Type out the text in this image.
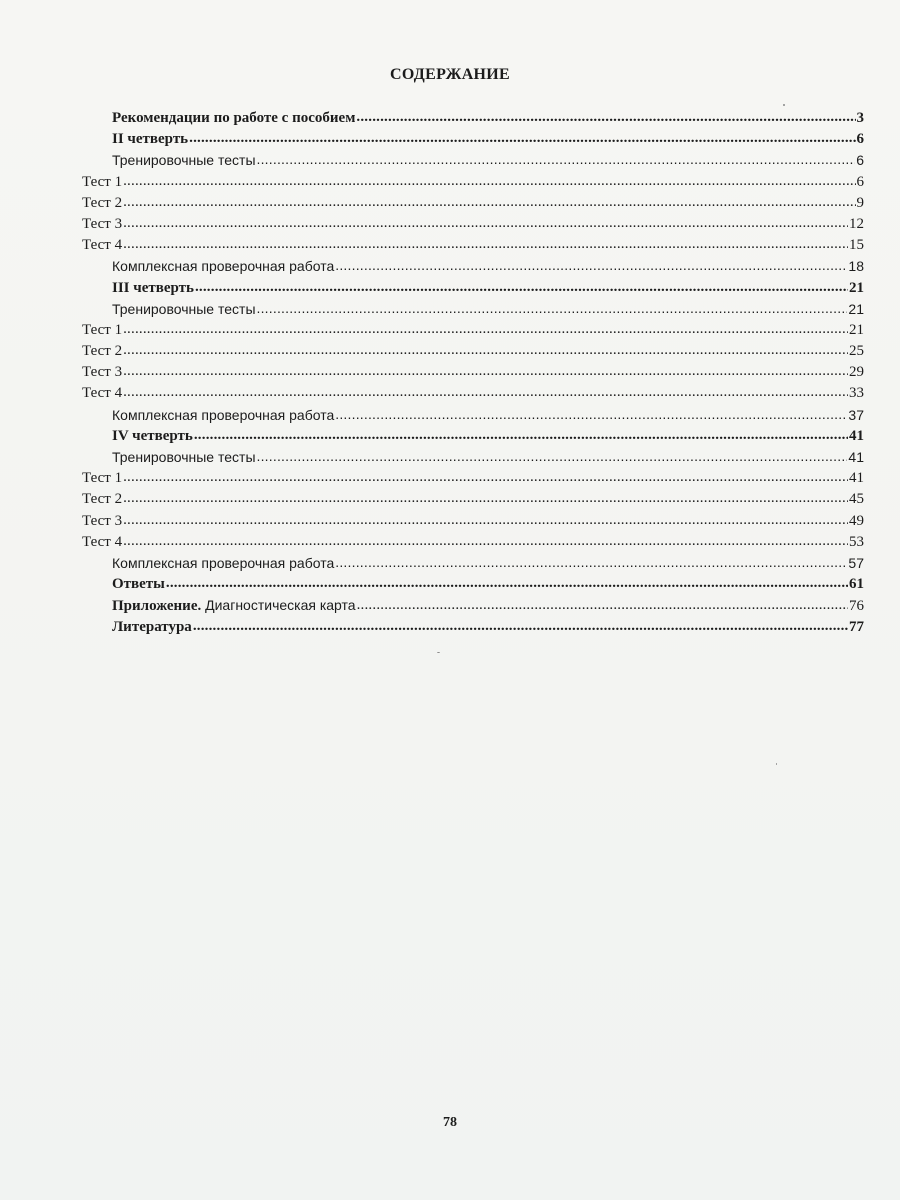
СОДЕРЖАНИЕ
Рекомендации по работе с пособием .....	3
II четверть .....	6
Тренировочные тесты .....	6
Тест 1 .....	6
Тест 2 .....	9
Тест 3 .....	12
Тест 4 .....	15
Комплексная проверочная работа .....	18
III четверть .....	21
Тренировочные тесты .....	21
Тест 1 .....	21
Тест 2 .....	25
Тест 3 .....	29
Тест 4 .....	33
Комплексная проверочная работа .....	37
IV четверть .....	41
Тренировочные тесты .....	41
Тест 1 .....	41
Тест 2 .....	45
Тест 3 .....	49
Тест 4 .....	53
Комплексная проверочная работа .....	57
Ответы .....	61
Приложение. Диагностическая карта .....	76
Литература .....	77
78
